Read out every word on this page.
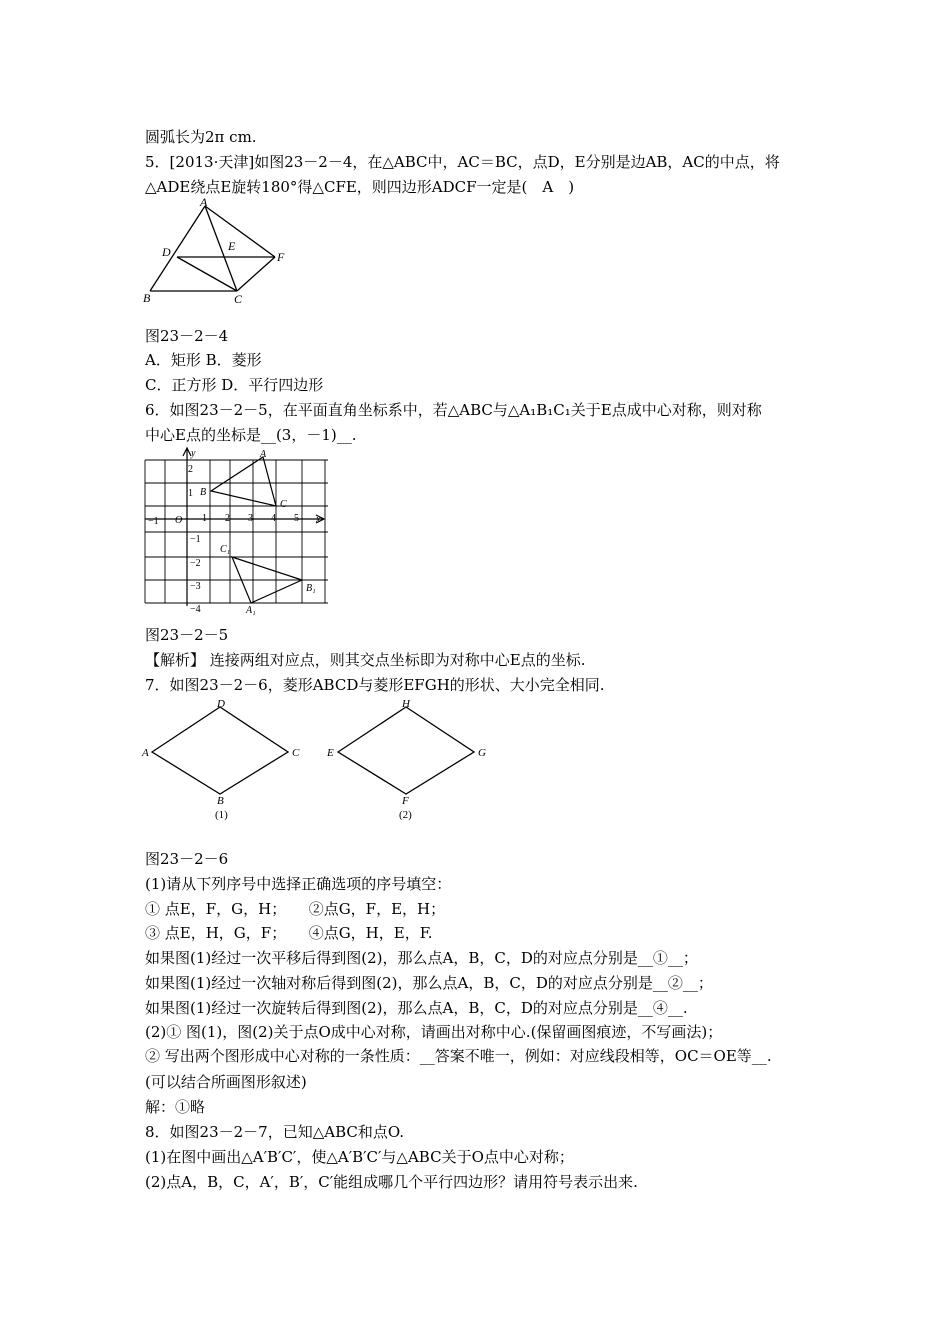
圆弧长为2π cm.
5．[2013·天津]如图23－2－4，在△ABC中，AC＝BC，点D，E分别是边AB，AC的中点，将
△ADE绕点E旋转180°得△CFE，则四边形ADCF一定是(　A　)
A
D	E
F
B	C
图23－2－4
A．矩形 B．菱形
C．正方形 D．平行四边形
6．如图23－2－5，在平面直角坐标系中，若△ABC与△A₁B₁C₁关于E点成中心对称，则对称
中心E点的坐标是__(3，－1)__.
y
x
O
−1	1 2 3 4 5
2
1
−1
−2
−3
−4
A
B
C
C₁
B₁
A₁
图23－2－5
【解析】 连接两组对应点，则其交点坐标即为对称中心E点的坐标.
7．如图23－2－6，菱形ABCD与菱形EFGH的形状、大小完全相同.
D
A	C
B
H
E	G
F
(1)	(2)
图23－2－6
(1)请从下列序号中选择正确选项的序号填空：
① 点E，F，G，H；　　②点G，F，E，H；
③ 点E，H，G，F；　　④点G，H，E，F.
如果图(1)经过一次平移后得到图(2)，那么点A，B，C，D的对应点分别是__①__；
如果图(1)经过一次轴对称后得到图(2)，那么点A，B，C，D的对应点分别是__②__；
如果图(1)经过一次旋转后得到图(2)，那么点A，B，C，D的对应点分别是__④__.
(2)① 图(1)，图(2)关于点O成中心对称，请画出对称中心.(保留画图痕迹，不写画法)；
② 写出两个图形成中心对称的一条性质：__答案不唯一，例如：对应线段相等，OC＝OE等__.
(可以结合所画图形叙述)
解：①略
8．如图23－2－7，已知△ABC和点O.
(1)在图中画出△A′B′C′，使△A′B′C′与△ABC关于O点中心对称；
(2)点A，B，C，A′，B′，C′能组成哪几个平行四边形？请用符号表示出来.
